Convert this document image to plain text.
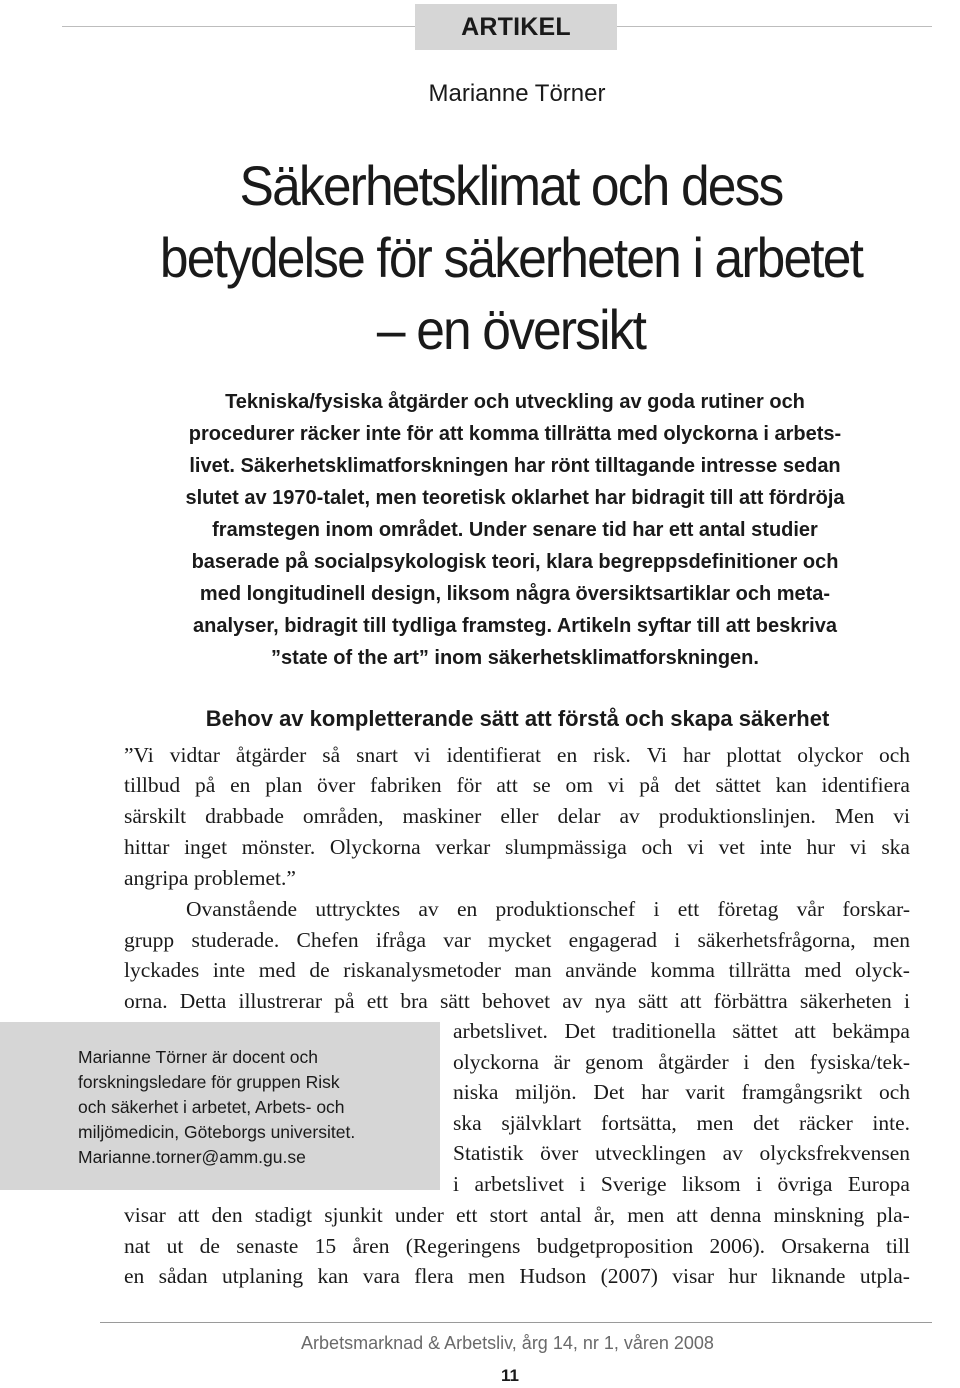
ARTIKEL
Marianne Törner
Säkerhetsklimat och dess
betydelse för säkerheten i arbetet
– en översikt
Tekniska/fysiska åtgärder och utveckling av goda rutiner och
procedurer räcker inte för att komma tillrätta med olyckorna i arbets-
livet. Säkerhetsklimatforskningen har rönt tilltagande intresse sedan
slutet av 1970-talet, men teoretisk oklarhet har bidragit till att fördröja
framstegen inom området. Under senare tid har ett antal studier
baserade på socialpsykologisk teori, klara begreppsdefinitioner och
med longitudinell design, liksom några översiktsartiklar och meta-
analyser, bidragit till tydliga framsteg. Artikeln syftar till att beskriva
”state of the art” inom säkerhetsklimatforskningen.
Behov av kompletterande sätt att förstå och skapa säkerhet
”Vi vidtar åtgärder så snart vi identifierat en risk. Vi har plottat olyckor och
tillbud på en plan över fabriken för att se om vi på det sättet kan identifiera
särskilt drabbade områden, maskiner eller delar av produktionslinjen. Men vi
hittar inget mönster. Olyckorna verkar slumpmässiga och vi vet inte hur vi ska
angripa problemet.”
Ovanstående uttrycktes av en produktionschef i ett företag vår forskar-
grupp studerade. Chefen ifråga var mycket engagerad i säkerhetsfrågorna, men
lyckades inte med de riskanalysmetoder man använde komma tillrätta med olyck-
orna. Detta illustrerar på ett bra sätt behovet av nya sätt att förbättra säkerheten i
arbetslivet. Det traditionella sättet att bekämpa
olyckorna är genom åtgärder i den fysiska/tek-
niska miljön. Det har varit framgångsrikt och
ska självklart fortsätta, men det räcker inte.
Statistik över utvecklingen av olycksfrekvensen
i arbetslivet i Sverige liksom i övriga Europa
visar att den stadigt sjunkit under ett stort antal år, men att denna minskning pla-
nat ut de senaste 15 åren (Regeringens budgetproposition 2006). Orsakerna till
en sådan utplaning kan vara flera men Hudson (2007) visar hur liknande utpla-
Marianne Törner är docent och
forskningsledare för gruppen Risk
och säkerhet i arbetet, Arbets- och
miljömedicin, Göteborgs universitet.
Marianne.torner@amm.gu.se
Arbetsmarknad & Arbetsliv, årg 14, nr 1, våren 2008
11
